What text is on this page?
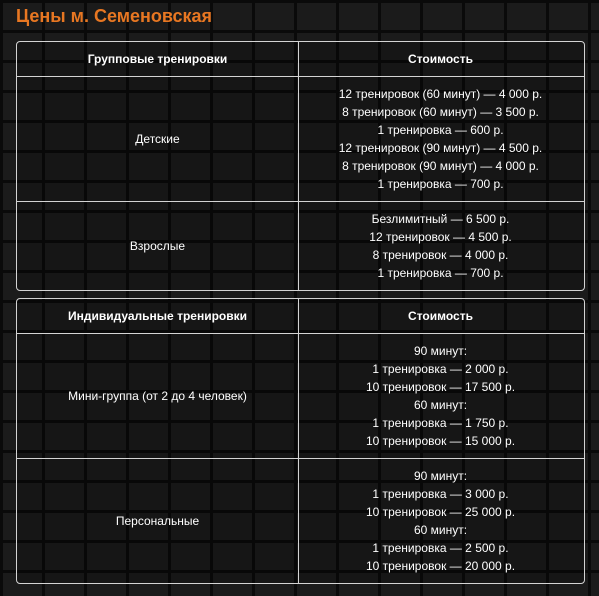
Цены м. Семеновская
Групповые тренировки	Стоимость
Детские
12 тренировок (60 минут) — 4 000 р.
8 тренировок (60 минут) — 3 500 р.
1 тренировка — 600 р.
12 тренировок (90 минут) — 4 500 р.
8 тренировок (90 минут) — 4 000 р.
1 тренировка — 700 р.
Взрослые
Безлимитный — 6 500 р.
12 тренировок — 4 500 р.
8 тренировок — 4 000 р.
1 тренировка — 700 р.
Индивидуальные тренировки	Стоимость
Мини-группа (от 2 до 4 человек)
90 минут:
1 тренировка — 2 000 р.
10 тренировок — 17 500 р.
60 минут:
1 тренировка — 1 750 р.
10 тренировок — 15 000 р.
Персональные
90 минут:
1 тренировка — 3 000 р.
10 тренировок — 25 000 р.
60 минут:
1 тренировка — 2 500 р.
10 тренировок — 20 000 р.
